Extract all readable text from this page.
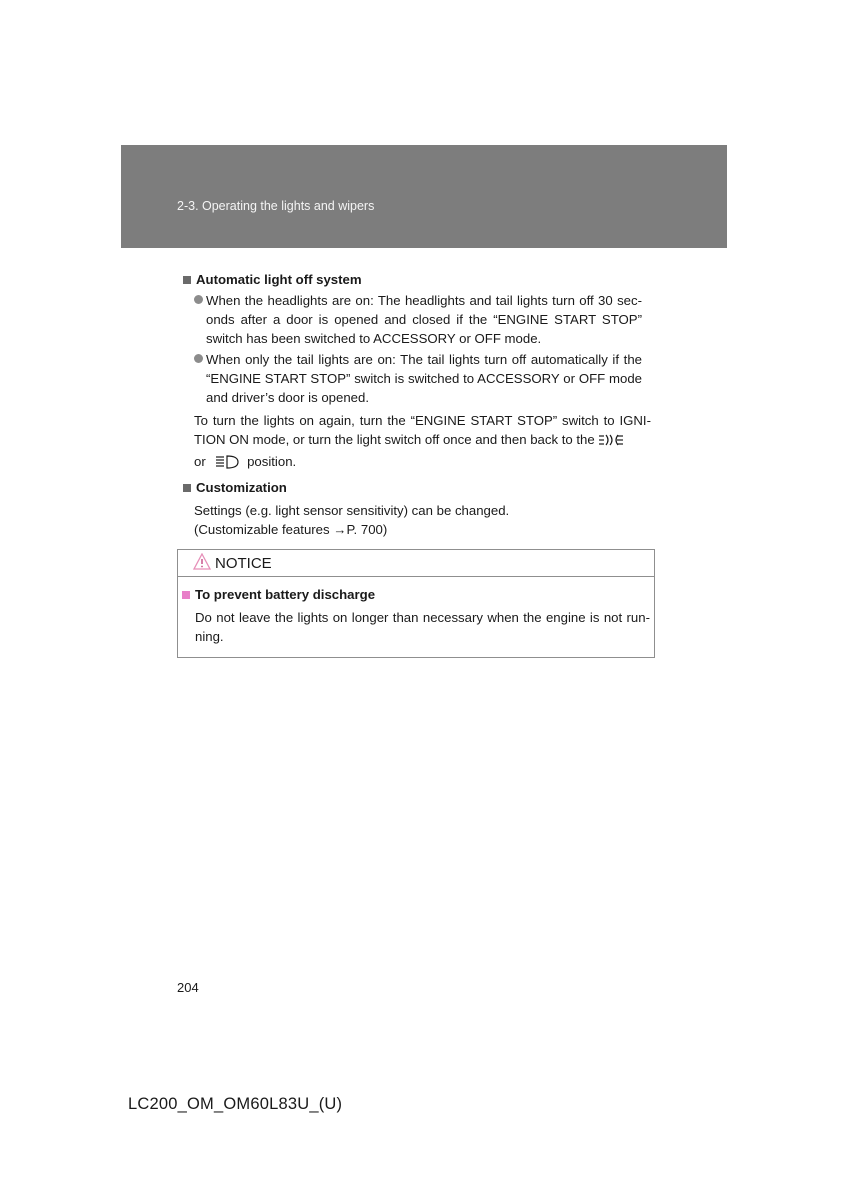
2-3. Operating the lights and wipers
Automatic light off system
When the headlights are on: The headlights and tail lights turn off 30 sec-onds after a door is opened and closed if the “ENGINE START STOP” switch has been switched to ACCESSORY or OFF mode.
When only the tail lights are on: The tail lights turn off automatically if the “ENGINE START STOP” switch is switched to ACCESSORY or OFF mode and driver’s door is opened.
To turn the lights on again, turn the “ENGINE START STOP” switch to IGNI-TION ON mode, or turn the light switch off once and then back to the
or	position.
Customization
Settings (e.g. light sensor sensitivity) can be changed.
(Customizable features →P. 700)
NOTICE
To prevent battery discharge
Do not leave the lights on longer than necessary when the engine is not run-ning.
204
LC200_OM_OM60L83U_(U)
